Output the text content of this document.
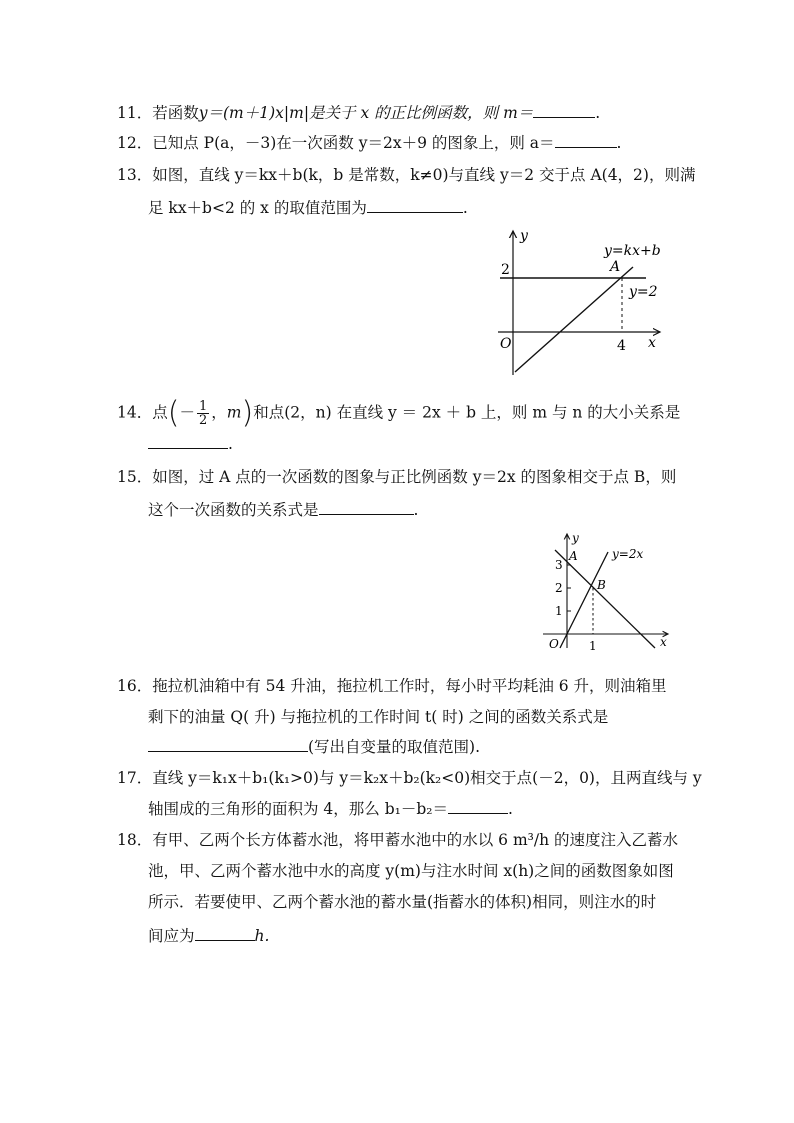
11．若函数y＝(m＋1)x|m|是关于 x 的正比例函数，则 m＝	.
12．已知点 P(a，－3)在一次函数 y＝2x＋9 的图象上，则 a＝	.
13．如图，直线 y＝kx＋b(k，b 是常数，k≠0)与直线 y＝2 交于点 A(4，2)，则满
足 kx＋b<2 的 x 的取值范围为	.
y
x
O
2
4
A
y=kx+b
y=2
14．点(－ $\frac{1}{2}$ ，m)和点(2，n) 在直线 y ＝ 2x ＋ b 上，则 m 与 n 的大小关系是
.
15．如图，过 A 点的一次函数的图象与正比例函数 y＝2x 的图象相交于点 B，则
这个一次函数的关系式是	.
y
x
O
3
2
1
1
A
B
y=2x
16．拖拉机油箱中有 54 升油，拖拉机工作时，每小时平均耗油 6 升，则油箱里
剩下的油量 Q( 升) 与拖拉机的工作时间 t( 时) 之间的函数关系式是
(写出自变量的取值范围).
17．直线 y＝k₁x＋b₁(k₁>0)与 y＝k₂x＋b₂(k₂<0)相交于点(－2，0)，且两直线与 y
轴围成的三角形的面积为 4，那么 b₁－b₂＝	.
18．有甲、乙两个长方体蓄水池，将甲蓄水池中的水以 6 m³/h 的速度注入乙蓄水
池，甲、乙两个蓄水池中水的高度 y(m)与注水时间 x(h)之间的函数图象如图
所示．若要使甲、乙两个蓄水池的蓄水量(指蓄水的体积)相同，则注水的时
间应为	h.
